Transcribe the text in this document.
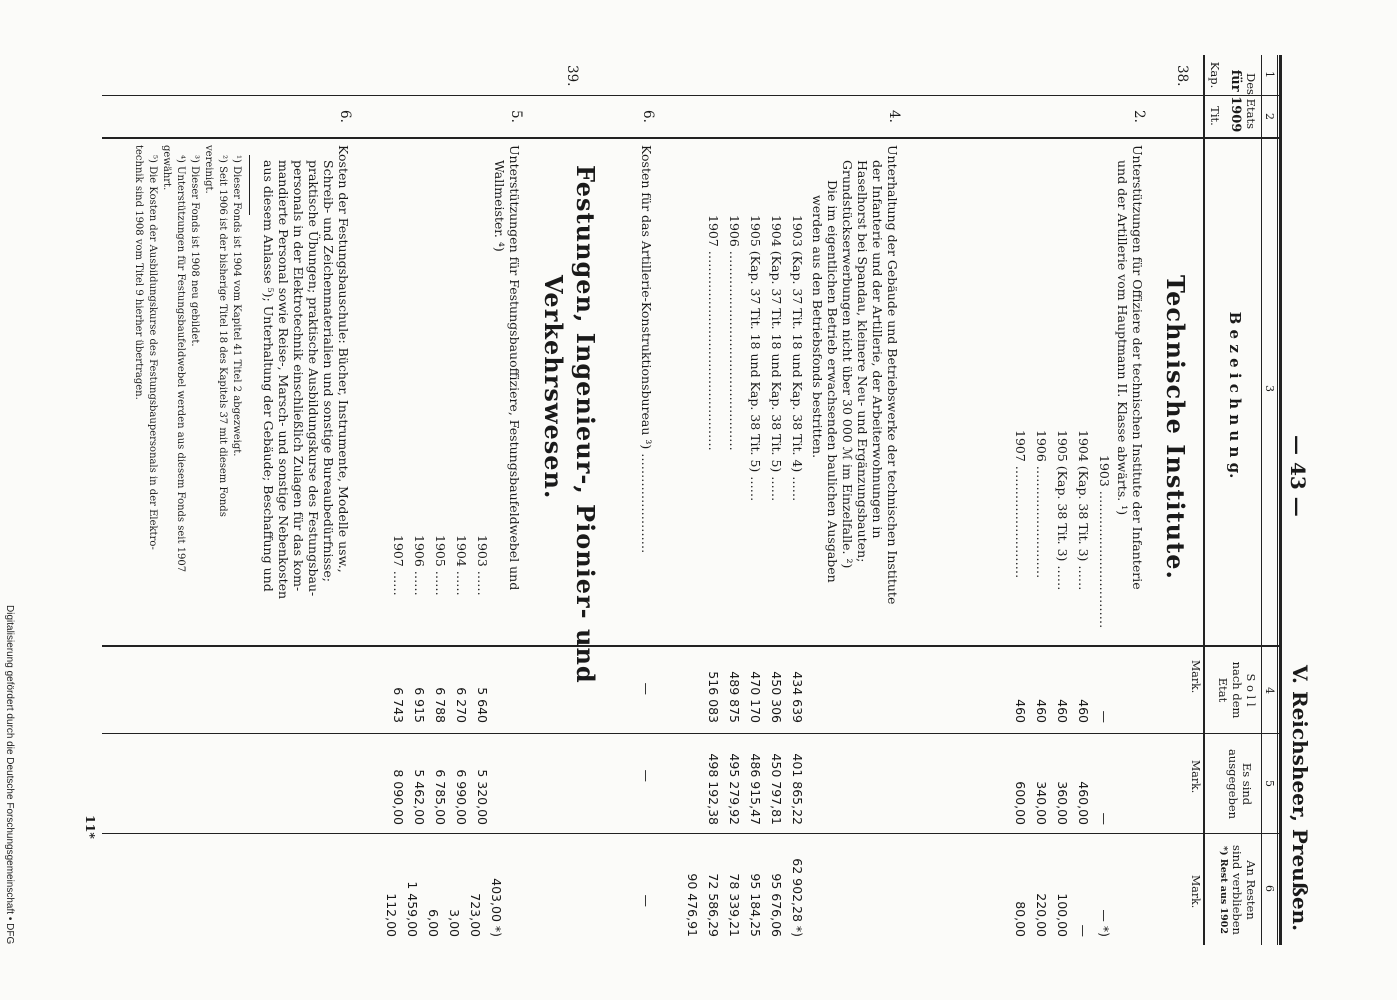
Digitalisierung gefördert durch die Deutsche Forschungsgemeinschaft • DFG
— 43 —
V. Reichsheer, Preußen.
1
2
3
4
5
6
Des Etats
für 1909
Kap.
Tit.
B e z e i c h n u n g.
S o l l
nach dem
Etat
Es sind
ausgegeben
An Resten
sind verblieben
*) Rest aus 1902
Mark.
Mark.
Mark.
38.
Technische Institute.
2.
Unterstützungen für Offiziere der technischen Institute der Infanterie
und der Artillerie vom Hauptmann II. Klasse abwärts. ¹)
1903 ……………………………
—
—
— *)
1904 (Kap. 38 Tit. 3) ……
460
460,00
—
1905 (Kap. 38 Tit. 3) ……
460
360,00
100,00
1906 ………………………
460
340,00
220,00
1907 ………………………
460
600,00
80,00
4.
Unterhaltung der Gebäude und Betriebswerke der technischen Institute
der Infanterie und der Artillerie, der Arbeiterwohnungen in
Haselhorst bei Spandau, kleinere Neu- und Ergänzungsbauten;
Grundstückserwerbungen nicht über 30 000 ℳ im Einzelfalle. ²)
Die im eigentlichen Betrieb erwachsenden baulichen Ausgaben
werden aus den Betriebsfonds bestritten.
1903 (Kap. 37 Tit. 18 und Kap. 38 Tit. 4) ……
434 639
401 865,22
62 902,28 *)
1904 (Kap. 37 Tit. 18 und Kap. 38 Tit. 5) ……
450 306
450 797,81
95 676,06
1905 (Kap. 37 Tit. 18 und Kap. 38 Tit. 5) ……
470 170
486 915,47
95 184,25
1906 …………………………………………
489 875
495 279,92
78 339,21
1907 …………………………………………
516 083
498 192,38
72 586,29
90 476,91
6.
Kosten für das Artillerie-Konstruktionsbureau ³) ……………………
—
—
—
39.
Festungen, Ingenieur-, Pionier- und
Verkehrswesen.
5.
Unterstützungen für Festungsbauoffiziere, Festungsbaufeldwebel und
Wallmeister. ⁴)
1903 ……
5 640
5 320,00
403,00 *)
1904 ……
6 270
6 990,00
723,00
1905 ……
6 788
6 785,00
3,00
1906 ……
6 915
5 462,00
6,00
1907 ……
6 743
8 090,00
1 459,00
112,00
6.
Kosten der Festungsbauschule: Bücher, Instrumente, Modelle usw.,
Schreib- und Zeichenmaterialien und sonstige Bureaubedürfnisse;
praktische Übungen; praktische Ausbildungskurse des Festungsbau-
personals in der Elektrotechnik einschließlich Zulagen für das kom-
mandierte Personal sowie Reise-, Marsch- und sonstige Nebenkosten
aus diesem Anlasse ⁵); Unterhaltung der Gebäude; Beschaffung und
¹) Dieser Fonds ist 1904 vom Kapitel 41 Titel 2 abgezweigt.
²) Seit 1906 ist der bisherige Titel 18 des Kapitels 37 mit diesem Fonds
vereinigt.
³) Dieser Fonds ist 1908 neu gebildet.
⁴) Unterstützungen für Festungsbaufeldwebel werden aus diesem Fonds seit 1907
gewährt.
⁵) Die Kosten der Ausbildungskurse des Festungsbaupersonals in der Elektro-
technik sind 1908 vom Titel 9 hierher übertragen.
11*
